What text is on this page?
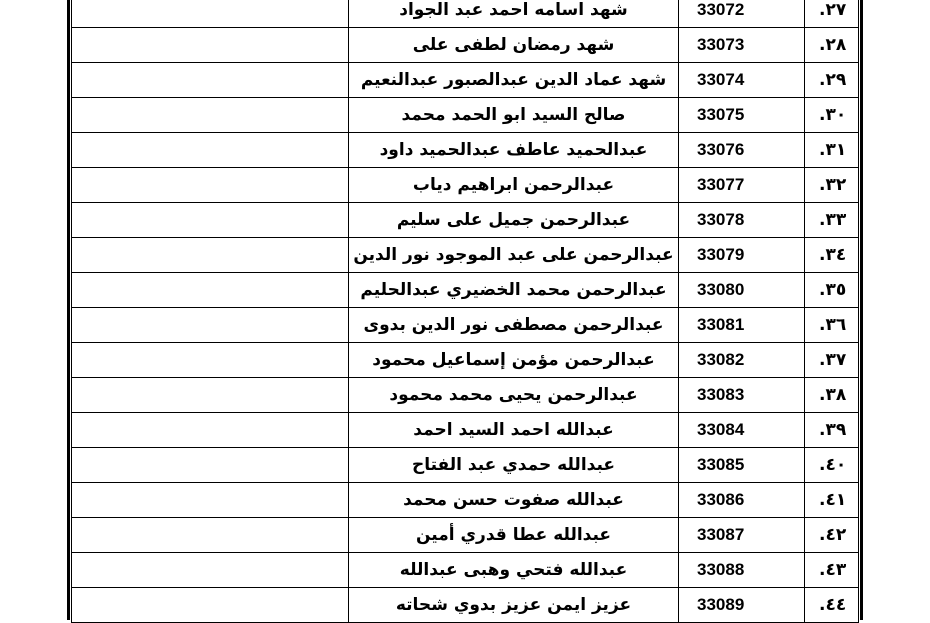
	شهد اسامه احمد عبد الجواد	33072	٢٧.
	شهد رمضان لطفى على	33073	٢٨.
	شهد عماد الدين عبدالصبور عبدالنعيم	33074	٢٩.
	صالح السيد ابو الحمد محمد	33075	٣٠.
	عبدالحميد عاطف عبدالحميد داود	33076	٣١.
	عبدالرحمن ابراهيم دياب	33077	٣٢.
	عبدالرحمن جميل على سليم	33078	٣٣.
	عبدالرحمن على عبد الموجود نور الدين	33079	٣٤.
	عبدالرحمن محمد الخضيري عبدالحليم	33080	٣٥.
	عبدالرحمن مصطفى نور الدين بدوى	33081	٣٦.
	عبدالرحمن مؤمن إسماعيل محمود	33082	٣٧.
	عبدالرحمن يحيى محمد محمود	33083	٣٨.
	عبدالله احمد السيد احمد	33084	٣٩.
	عبدالله حمدي عبد الفتاح	33085	٤٠.
	عبدالله صفوت حسن محمد	33086	٤١.
	عبدالله عطا قدري أمين	33087	٤٢.
	عبدالله فتحي وهبى عبدالله	33088	٤٣.
	عزيز ايمن عزيز بدوي شحاته	33089	٤٤.
